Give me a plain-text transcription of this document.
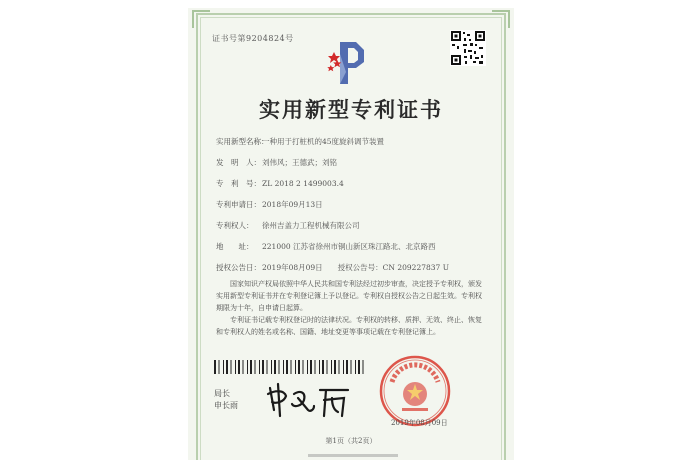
证书号第9204824号
实用新型专利证书
实用新型名称：一种用于打桩机的45度旋斜调节装置
发　明　人：刘伟风；王德武；刘铭
专　利　号：ZL 2018 2 1499003.4
专利申请日：2018年09月13日
专利权人： 徐州吉盖力工程机械有限公司
地　　址： 221000 江苏省徐州市铜山新区珠江路北、北京路西
授权公告日：2019年08月09日　　授权公告号：CN 209227837 U
国家知识产权局依照中华人民共和国专利法经过初步审查，决定授予专利权，颁发实用新型专利证书并在专利登记簿上予以登记。专利权自授权公告之日起生效。专利权期限为十年，自申请日起算。
专利证书记载专利权登记时的法律状况。专利权的转移、质押、无效、终止、恢复和专利权人的姓名或名称、国籍、地址变更等事项记载在专利登记簿上。
局长
申长雨
2019年08月09日
第1页（共2页）
